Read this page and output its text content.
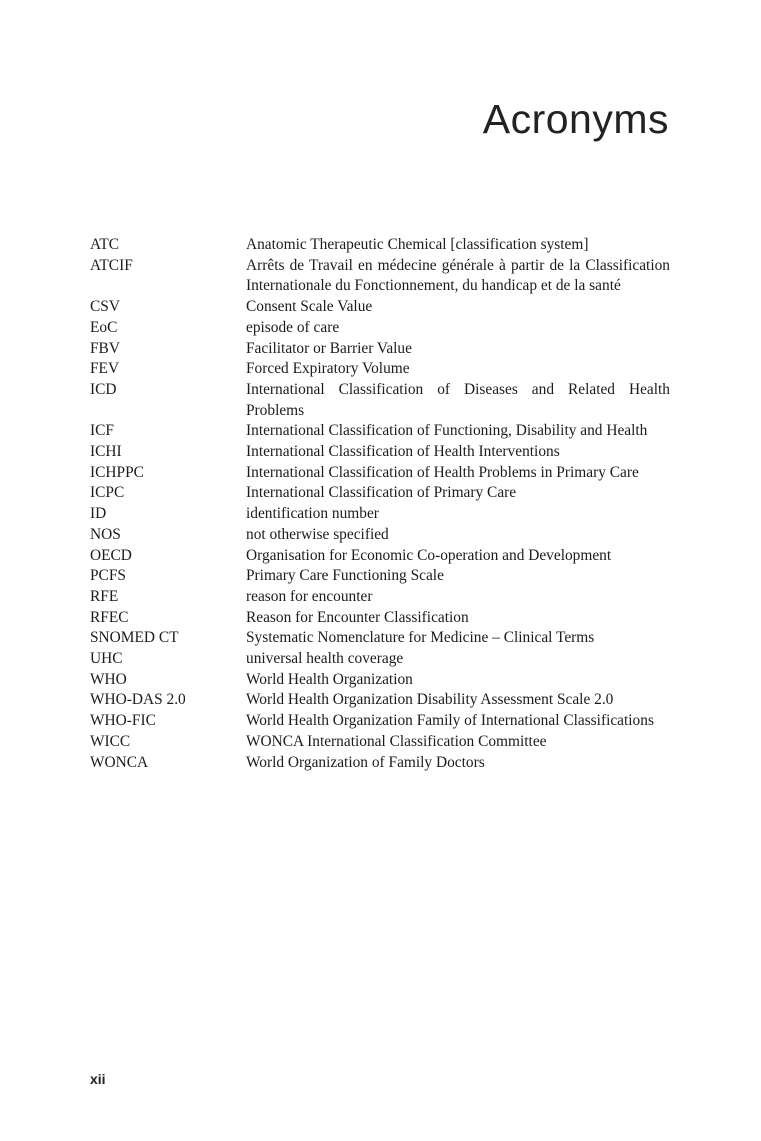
Acronyms
ATC	Anatomic Therapeutic Chemical [classification system]
ATCIF	Arrêts de Travail en médecine générale à partir de la Classification Internationale du Fonctionnement, du handicap et de la santé
CSV	Consent Scale Value
EoC	episode of care
FBV	Facilitator or Barrier Value
FEV	Forced Expiratory Volume
ICD	International Classification of Diseases and Related Health Problems
ICF	International Classification of Functioning, Disability and Health
ICHI	International Classification of Health Interventions
ICHPPC	International Classification of Health Problems in Primary Care
ICPC	International Classification of Primary Care
ID	identification number
NOS	not otherwise specified
OECD	Organisation for Economic Co-operation and Development
PCFS	Primary Care Functioning Scale
RFE	reason for encounter
RFEC	Reason for Encounter Classification
SNOMED CT	Systematic Nomenclature for Medicine – Clinical Terms
UHC	universal health coverage
WHO	World Health Organization
WHO-DAS 2.0	World Health Organization Disability Assessment Scale 2.0
WHO-FIC	World Health Organization Family of International Classifications
WICC	WONCA International Classification Committee
WONCA	World Organization of Family Doctors
xii
